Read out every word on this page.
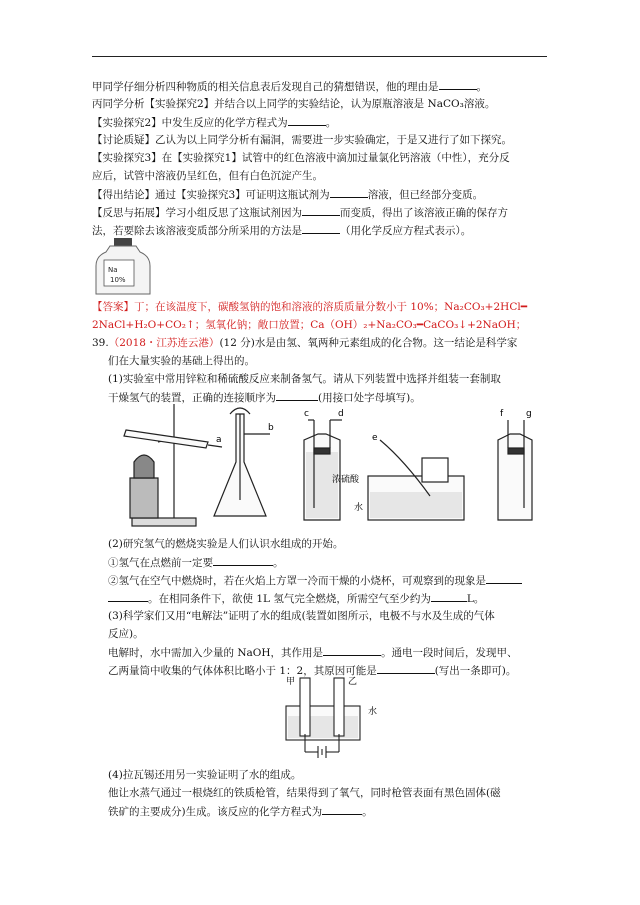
甲同学仔细分析四种物质的相关信息表后发现自己的猜想错误，他的理由是	。
丙同学分析【实验探究2】并结合以上同学的实验结论，认为原瓶溶液是 NaCO₃溶液。
【实验探究2】中发生反应的化学方程式为	。
【讨论质疑】乙认为以上同学分析有漏洞，需要进一步实验确定，于是又进行了如下探究。
【实验探究3】在【实验探究1】试管中的红色溶液中滴加过量氯化钙溶液（中性），充分反
应后，试管中溶液仍呈红色，但有白色沉淀产生。
【得出结论】通过【实验探究3】可证明这瓶试剂为	溶液，但已经部分变质。
【反思与拓展】学习小组反思了这瓶试剂因为	而变质，得出了该溶液正确的保存方
法，若要除去该溶液变质部分所采用的方法是	（用化学反应方程式表示）。
Na
10%
【答案】丁；在该温度下，碳酸氢钠的饱和溶液的溶质质量分数小于 10%；Na₂CO₃+2HCl━
2NaCl+H₂O+CO₂↑；氢氧化钠；敞口放置；Ca（OH）₂+Na₂CO₃━CaCO₃↓+2NaOH；
39.（2018・江苏连云港）(12 分)水是由氢、氧两种元素组成的化合物。这一结论是科学家
们在大量实验的基础上得出的。
(1)实验室中常用锌粒和稀硫酸反应来制备氢气。请从下列装置中选择并组装一套制取
干燥氢气的装置，正确的连接顺序为	(用接口处字母填写)。
a
b
c	d
e
f	g
浓硫酸
水
(2)研究氢气的燃烧实验是人们认识水组成的开始。
①氢气在点燃前一定要	。
②氢气在空气中燃烧时，若在火焰上方罩一冷而干燥的小烧杯，可观察到的现象是
。在相同条件下，欲使 1L 氢气完全燃烧，所需空气至少约为	L。
(3)科学家们又用“电解法”证明了水的组成(装置如图所示，电极不与水及生成的气体
反应)。
电解时，水中需加入少量的 NaOH，其作用是	。通电一段时间后，发现甲、
乙两量筒中收集的气体体积比略小于 1：2，其原因可能是	(写出一条即可)。
甲	乙
水
(4)拉瓦锡还用另一实验证明了水的组成。
他让水蒸气通过一根烧红的铁质枪管，结果得到了氧气，同时枪管表面有黑色固体(磁
铁矿的主要成分)生成。该反应的化学方程式为	。
